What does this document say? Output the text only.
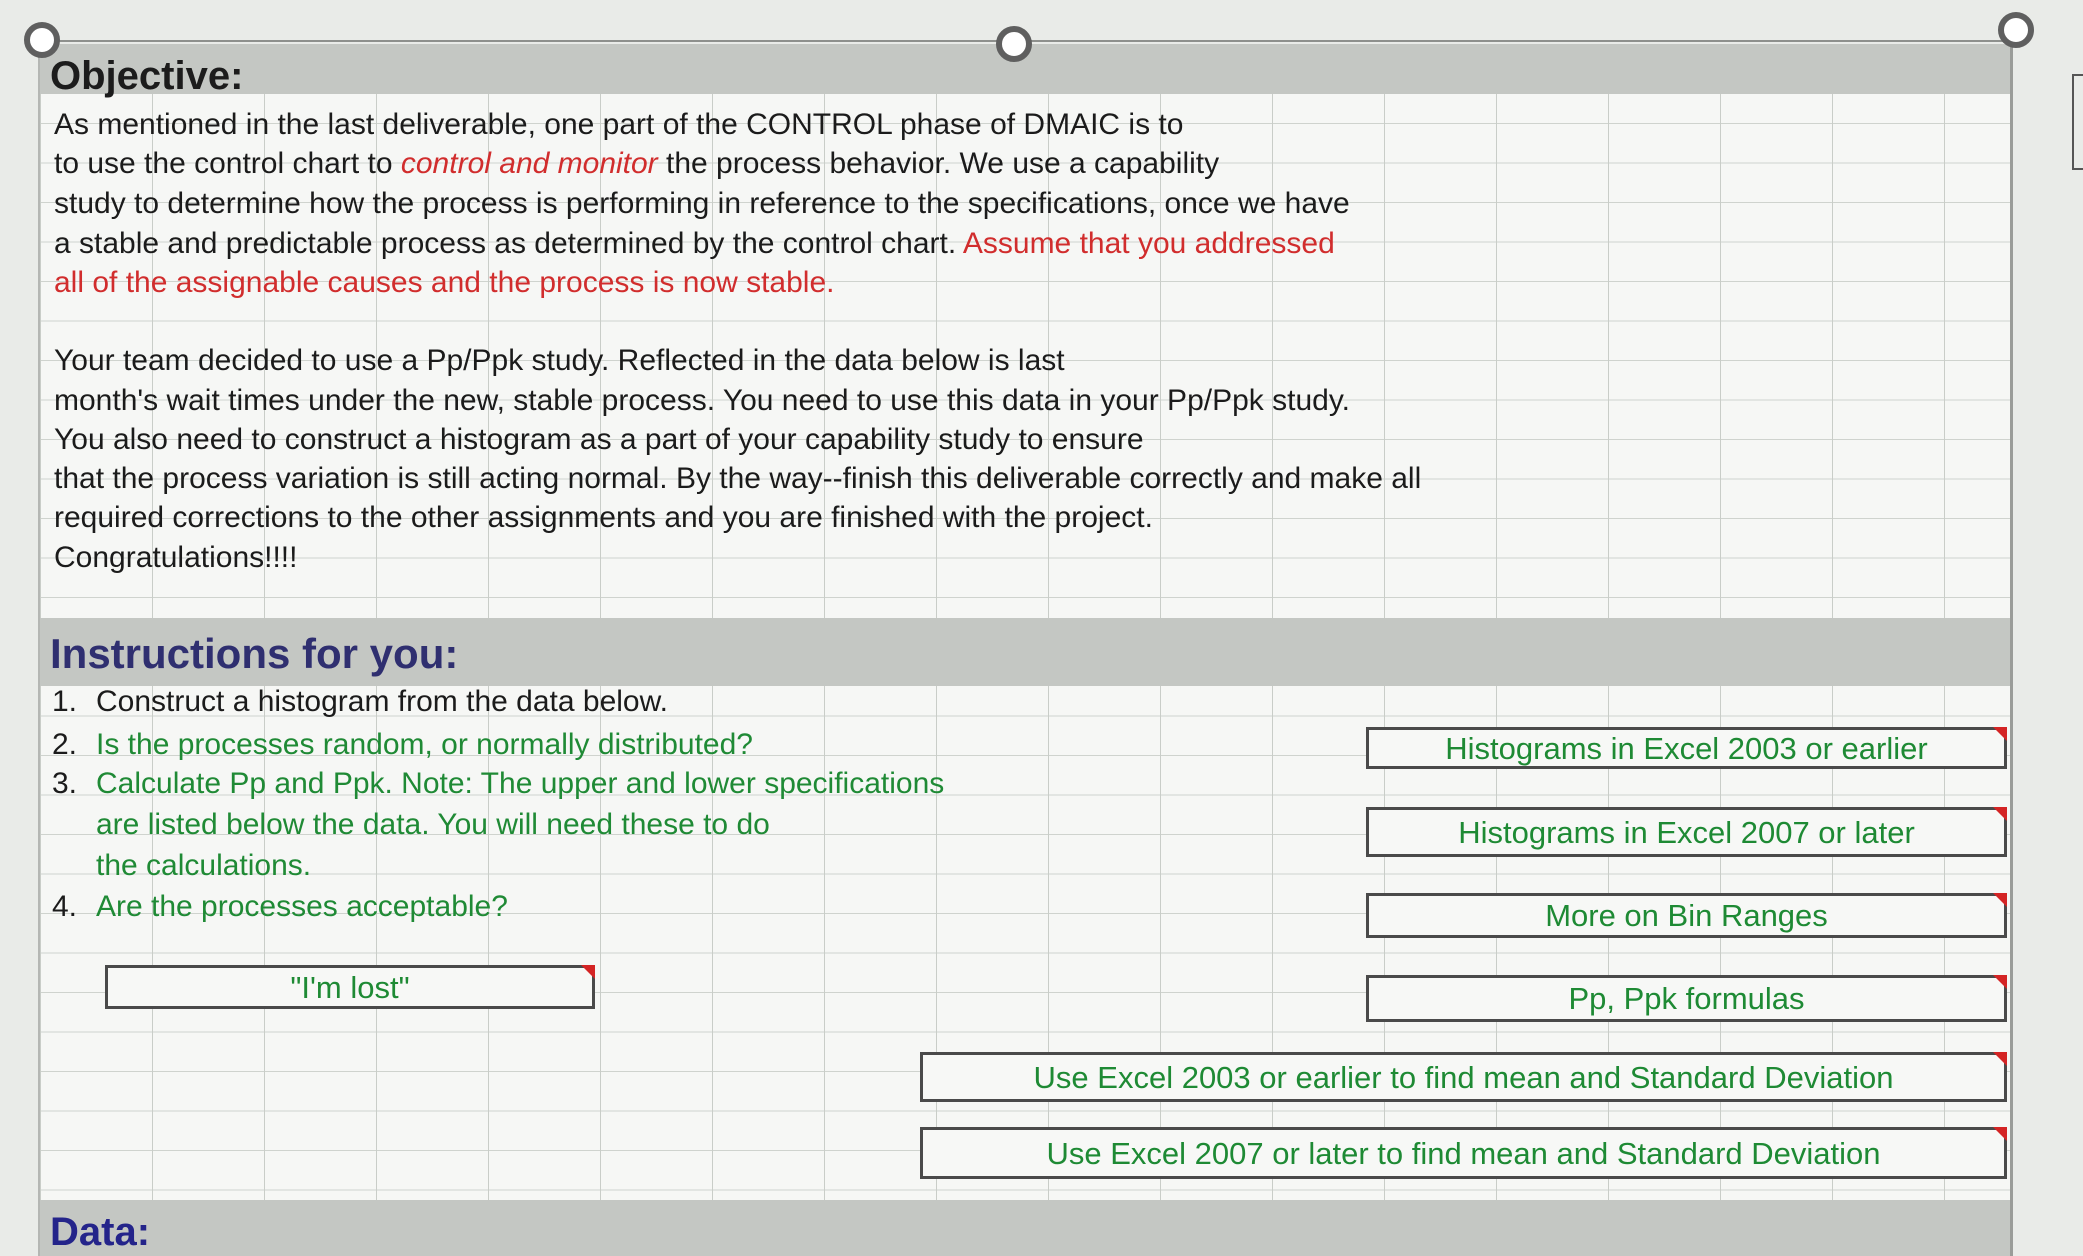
Objective:
As mentioned in the last deliverable, one part of the CONTROL phase of DMAIC is to
to use the control chart to control and monitor the process behavior. We use a capability
study to determine how the process is performing in reference to the specifications, once we have
a stable and predictable process as determined by the control chart. Assume that you addressed
all of the assignable causes and the process is now stable.
Your team decided to use a Pp/Ppk study. Reflected in the data below is last
month's wait times under the new, stable process. You need to use this data in your Pp/Ppk study.
You also need to construct a histogram as a part of your capability study to ensure
that the process variation is still acting normal. By the way--finish this deliverable correctly and make all
required corrections to the other assignments and you are finished with the project.
Congratulations!!!!
Instructions for you:
1. Construct a histogram from the data below.
2. Is the processes random, or normally distributed?
3. Calculate Pp and Ppk. Note: The upper and lower specifications
are listed below the data. You will need these to do
the calculations.
4. Are the processes acceptable?
"I'm lost"
Histograms in Excel 2003 or earlier
Histograms in Excel 2007 or later
More on Bin Ranges
Pp, Ppk formulas
Use Excel 2003 or earlier to find mean and Standard Deviation
Use Excel 2007 or later to find mean and Standard Deviation
Data:
